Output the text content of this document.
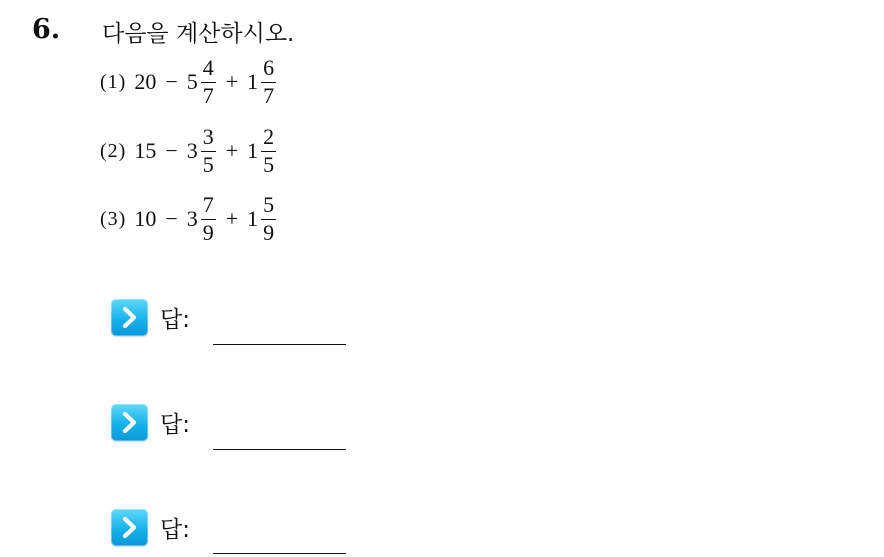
6. 다음을 계산하시오.
(1) $20 - 5 \frac{4}{7} + 1 \frac{6}{7}$
(2) $15 - 3 \frac{3}{5} + 1 \frac{2}{5}$
(3) $10 - 3 \frac{7}{9} + 1 \frac{5}{9}$
답:
답:
답:
